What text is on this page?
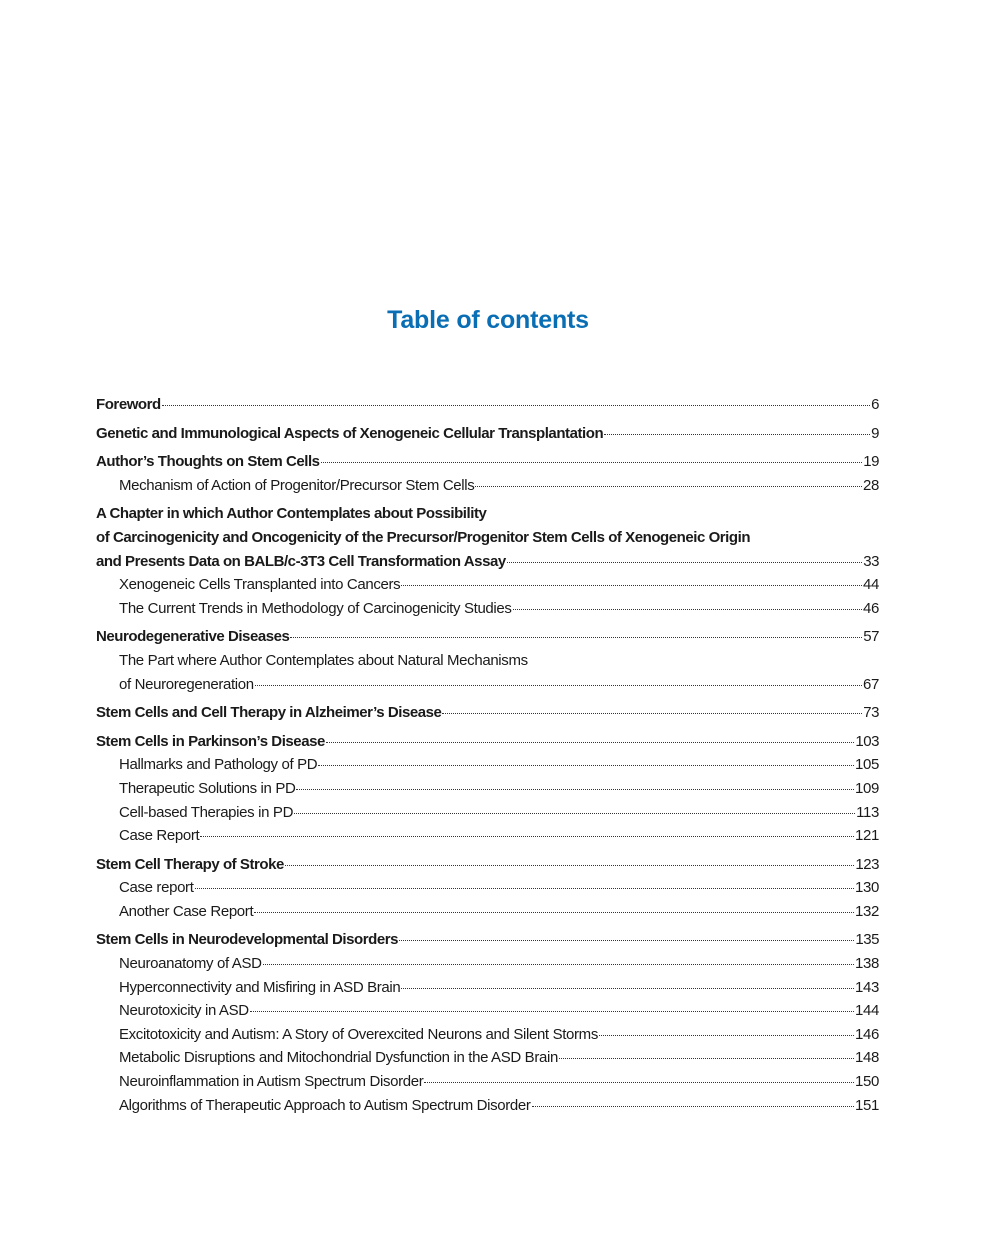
Table of contents
Foreword	6
Genetic and Immunological Aspects of Xenogeneic Cellular Transplantation	9
Author’s Thoughts on Stem Cells	19
Mechanism of Action of Progenitor/Precursor Stem Cells	28
A Chapter in which Author Contemplates about Possibility
of Carcinogenicity and Oncogenicity of the Precursor/Progenitor Stem Cells of Xenogeneic Origin
and Presents Data on BALB/c-3T3 Cell Transformation Assay	33
Xenogeneic Cells Transplanted into Cancers	44
The Current Trends in Methodology of Carcinogenicity Studies	46
Neurodegenerative Diseases	57
The Part where Author Contemplates about Natural Mechanisms
of Neuroregeneration	67
Stem Cells and Cell Therapy in Alzheimer’s Disease	73
Stem Cells in Parkinson’s Disease	103
Hallmarks and Pathology of PD	105
Therapeutic Solutions in PD	109
Cell-based Therapies in PD	113
Case Report	121
Stem Cell Therapy of Stroke	123
Case report	130
Another Case Report	132
Stem Cells in Neurodevelopmental Disorders	135
Neuroanatomy of ASD	138
Hyperconnectivity and Misfiring in ASD Brain	143
Neurotoxicity in ASD	144
Excitotoxicity and Autism: A Story of Overexcited Neurons and Silent Storms	146
Metabolic Disruptions and Mitochondrial Dysfunction in the ASD Brain	148
Neuroinflammation in Autism Spectrum Disorder	150
Algorithms of Therapeutic Approach to Autism Spectrum Disorder	151
